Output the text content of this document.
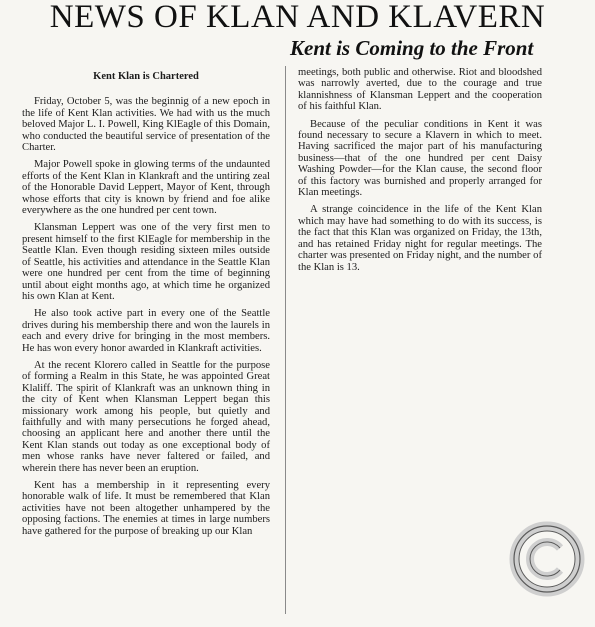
NEWS OF KLAN AND KLAVERN
Kent is Coming to the Front
Kent Klan is Chartered

Friday, October 5, was the beginnig of a new epoch in the life of Kent Klan activities. We had with us the much beloved Major L. I. Powell, King KlEagle of this Domain, who conducted the beautiful service of presentation of the Charter.

Major Powell spoke in glowing terms of the undaunted efforts of the Kent Klan in Klankraft and the untiring zeal of the Honorable David Leppert, Mayor of Kent, through whose efforts that city is known by friend and foe alike everywhere as the one hundred per cent town.

Klansman Leppert was one of the very first men to present himself to the first KlEagle for membership in the Seattle Klan. Even though residing sixteen miles outside of Seattle, his activities and attendance in the Seattle Klan were one hundred per cent from the time of beginning until about eight months ago, at which time he organized his own Klan at Kent.

He also took active part in every one of the Seattle drives during his membership there and won the laurels in each and every drive for bringing in the most members. He has won every honor awarded in Klankraft activities.

At the recent Klorero called in Seattle for the purpose of forming a Realm in this State, he was appointed Great Klaliff. The spirit of Klankraft was an unknown thing in the city of Kent when Klansman Leppert began this missionary work among his people, but quietly and faithfully and with many persecutions he forged ahead, choosing an applicant here and another there until the Kent Klan stands out today as one exceptional body of men whose ranks have never faltered or failed, and wherein there has never been an eruption.

Kent has a membership in it representing every honorable walk of life. It must be remembered that Klan activities have not been altogether unhampered by the opposing factions. The enemies at times in large numbers have gathered for the purpose of breaking up our Klan

meetings, both public and otherwise. Riot and bloodshed was narrowly averted, due to the courage and true klannishness of Klansman Leppert and the cooperation of his faithful Klan.

Because of the peculiar conditions in Kent it was found necessary to secure a Klavern in which to meet. Having sacrificed the major part of his manufacturing business—that of the one hundred per cent Daisy Washing Powder—for the Klan cause, the second floor of this factory was burnished and properly arranged for Klan meetings.

A strange coincidence in the life of the Kent Klan which may have had something to do with its success, is the fact that this Klan was organized on Friday, the 13th, and has retained Friday night for regular meetings. The charter was presented on Friday night, and the number of the Klan is 13.
